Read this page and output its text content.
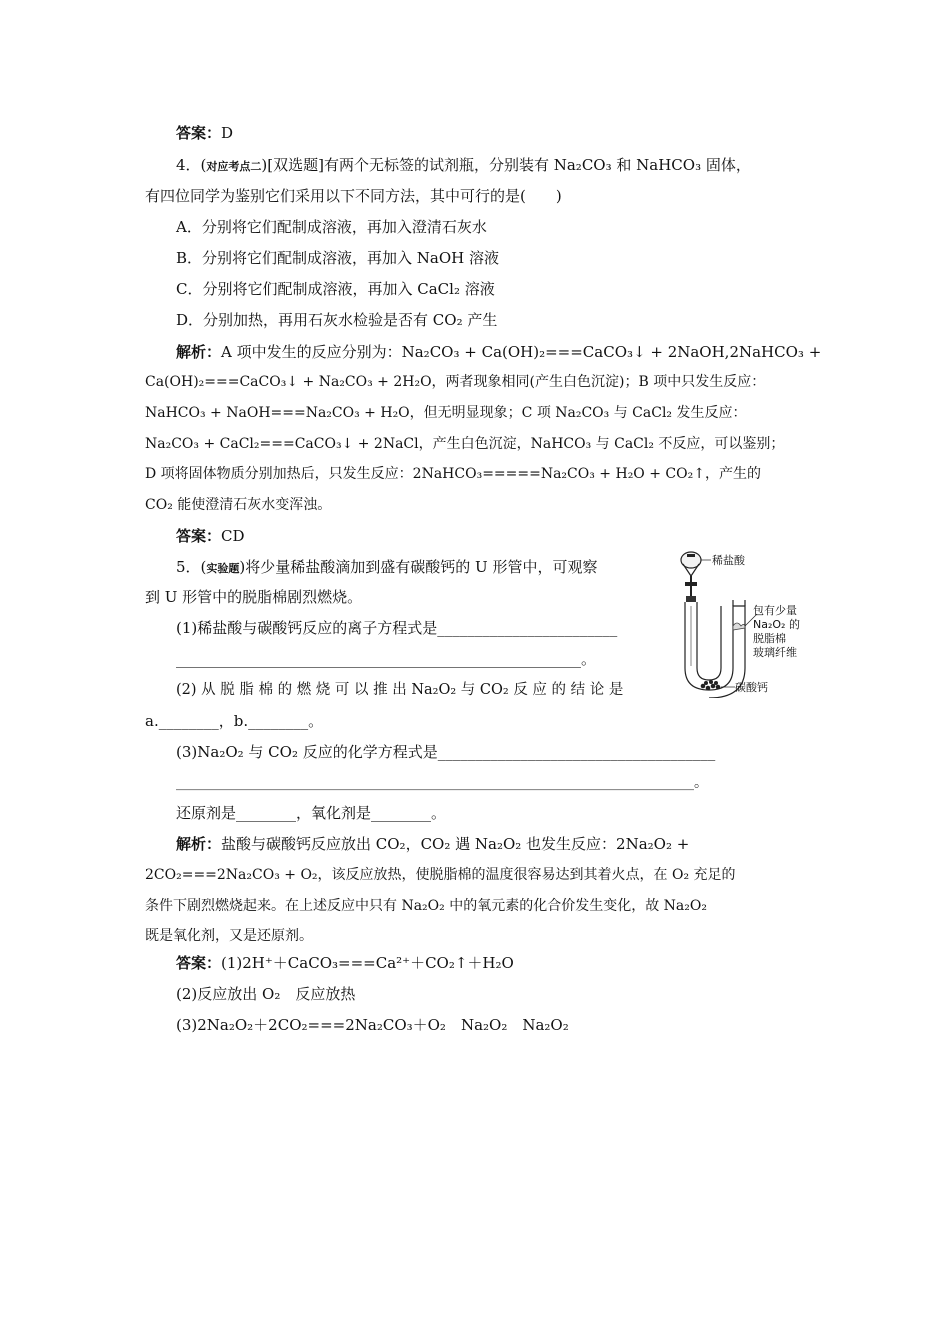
答案：D
4．(对应考点二)[双选题]有两个无标签的试剂瓶，分别装有 Na₂CO₃ 和 NaHCO₃ 固体，
有四位同学为鉴别它们采用以下不同方法，其中可行的是(　　)
A．分别将它们配制成溶液，再加入澄清石灰水
B．分别将它们配制成溶液，再加入 NaOH 溶液
C．分别将它们配制成溶液，再加入 CaCl₂ 溶液
D．分别加热，再用石灰水检验是否有 CO₂ 产生
解析：A 项中发生的反应分别为：Na₂CO₃ + Ca(OH)₂===CaCO₃↓ + 2NaOH,2NaHCO₃ +
Ca(OH)₂===CaCO₃↓ + Na₂CO₃ + 2H₂O，两者现象相同(产生白色沉淀)；B 项中只发生反应：
NaHCO₃ + NaOH===Na₂CO₃ + H₂O，但无明显现象；C 项 Na₂CO₃ 与 CaCl₂ 发生反应：
Na₂CO₃ + CaCl₂===CaCO₃↓ + 2NaCl，产生白色沉淀，NaHCO₃ 与 CaCl₂ 不反应，可以鉴别；
D 项将固体物质分别加热后，只发生反应：2NaHCO₃=====Na₂CO₃ + H₂O + CO₂↑，产生的
CO₂ 能使澄清石灰水变浑浊。
答案：CD
5．(实验题)将少量稀盐酸滴加到盛有碳酸钙的 U 形管中，可观察
到 U 形管中的脱脂棉剧烈燃烧。
(1)稀盐酸与碳酸钙反应的离子方程式是________________________
______________________________________________________。
(2) 从 脱 脂 棉 的 燃 烧 可 以 推 出 Na₂O₂ 与 CO₂ 反 应 的 结 论 是
a.________，b.________。
(3)Na₂O₂ 与 CO₂ 反应的化学方程式是_____________________________________
__________________________________________________________________________。
还原剂是________，氧化剂是________。
解析：盐酸与碳酸钙反应放出 CO₂，CO₂ 遇 Na₂O₂ 也发生反应：2Na₂O₂ +
2CO₂===2Na₂CO₃ + O₂，该反应放热，使脱脂棉的温度很容易达到其着火点，在 O₂ 充足的
条件下剧烈燃烧起来。在上述反应中只有 Na₂O₂ 中的氧元素的化合价发生变化，故 Na₂O₂
既是氧化剂，又是还原剂。
答案：(1)2H⁺＋CaCO₃===Ca²⁺＋CO₂↑＋H₂O
(2)反应放出 O₂　反应放热
(3)2Na₂O₂＋2CO₂===2Na₂CO₃＋O₂　Na₂O₂　Na₂O₂
稀盐酸
包有少量
Na₂O₂ 的
脱脂棉
玻璃纤维
碳酸钙
